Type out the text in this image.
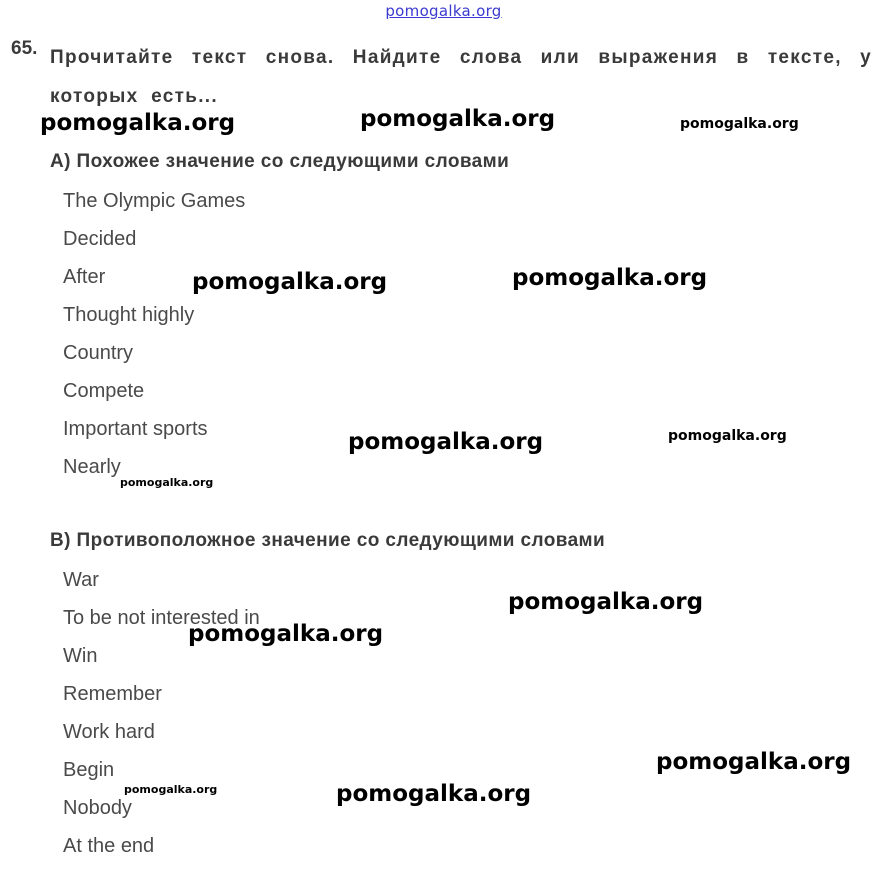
pomogalka.org
65. Прочитайте текст снова. Найдите слова или выражения в тексте, у которых есть...
A) Похожее значение со следующими словами
The Olympic Games
Decided
After
Thought highly
Country
Compete
Important sports
Nearly
B) Противоположное значение со следующими словами
War
To be not interested in
Win
Remember
Work hard
Begin
Nobody
At the end
pomogalka.org	pomogalka.org	pomogalka.org
pomogalka.org	pomogalka.org
pomogalka.org	pomogalka.org
pomogalka.org
pomogalka.org
pomogalka.org
pomogalka.org
pomogalka.org	pomogalka.org
